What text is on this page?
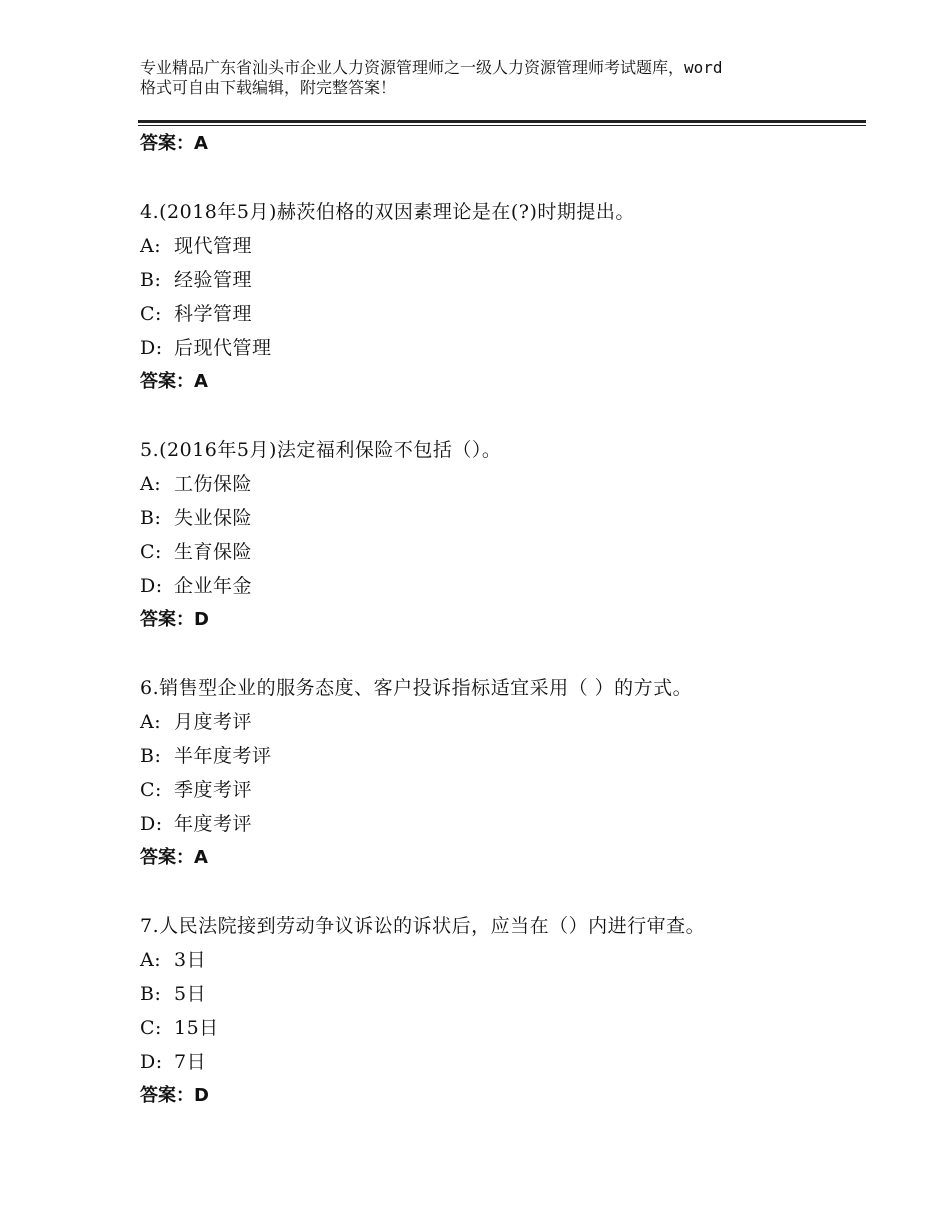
专业精品广东省汕头市企业人力资源管理师之一级人力资源管理师考试题库，word
格式可自由下载编辑，附完整答案！
答案：A
4.(2018年5月)赫茨伯格的双因素理论是在(?)时期提出。
A: 现代管理
B: 经验管理
C: 科学管理
D: 后现代管理
答案：A
5.(2016年5月)法定福利保险不包括（）。
A: 工伤保险
B: 失业保险
C: 生育保险
D: 企业年金
答案：D
6.销售型企业的服务态度、客户投诉指标适宜采用（ ）的方式。
A: 月度考评
B: 半年度考评
C: 季度考评
D: 年度考评
答案：A
7.人民法院接到劳动争议诉讼的诉状后，应当在（）内进行审查。
A: 3日
B: 5日
C: 15日
D: 7日
答案：D
